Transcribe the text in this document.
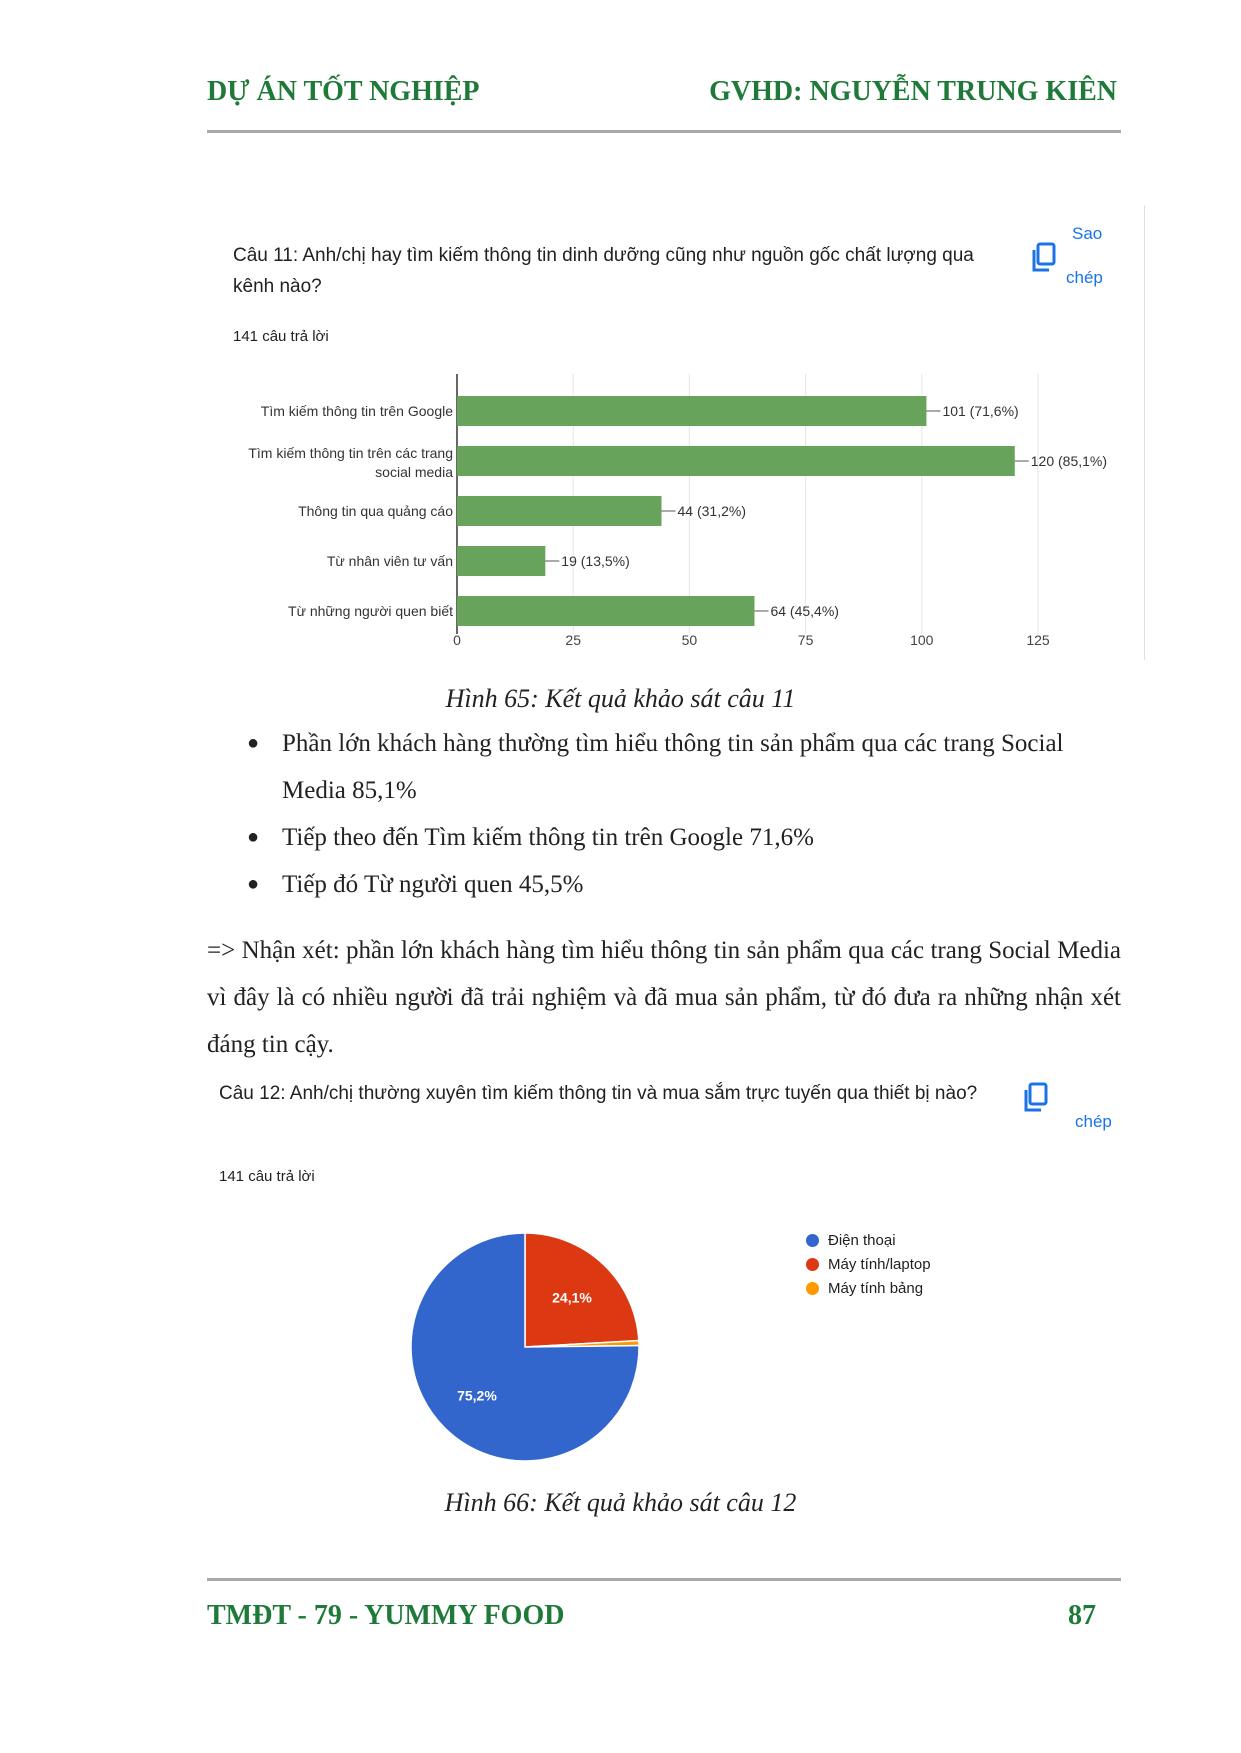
DỰ ÁN TỐT NGHIỆP	GVHD: NGUYỄN TRUNG KIÊN
Câu 11: Anh/chị hay tìm kiếm thông tin dinh dưỡng cũng như nguồn gốc chất lượng qua kênh nào?
141 câu trả lời
Sao
chép
0	25	50	75	100	125
101 (71,6%)
Tìm kiếm thông tin trên Google
120 (85,1%)
Tìm kiếm thông tin trên các trang
social media
44 (31,2%)
Thông tin qua quảng cáo
19 (13,5%)
Từ nhân viên tư vấn
64 (45,4%)
Từ những người quen biết
Hình 65: Kết quả khảo sát câu 11
● Phần lớn khách hàng thường tìm hiểu thông tin sản phẩm qua các trang Social Media 85,1%
● Tiếp theo đến Tìm kiếm thông tin trên Google 71,6%
● Tiếp đó Từ người quen 45,5%

=> Nhận xét: phần lớn khách hàng tìm hiểu thông tin sản phẩm qua các trang Social Media vì đây là có nhiều người đã trải nghiệm và đã mua sản phẩm, từ đó đưa ra những nhận xét đáng tin cậy.

Câu 12: Anh/chị thường xuyên tìm kiếm thông tin và mua sắm trực tuyến qua thiết bị nào?
141 câu trả lời
chép
24,1%
75,2%
Điện thoại
Máy tính/laptop
Máy tính bảng
Hình 66: Kết quả khảo sát câu 12
TMĐT - 79 - YUMMY FOOD	87
